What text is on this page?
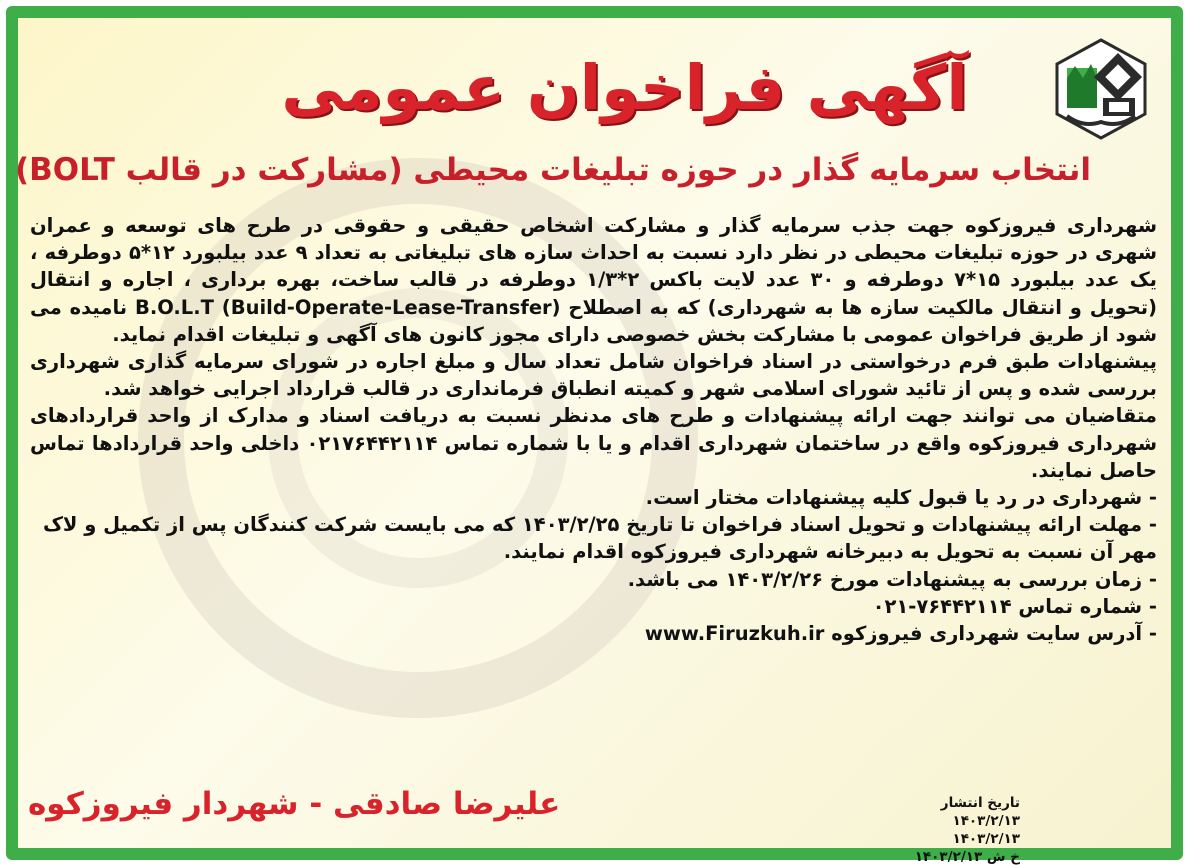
آگهی فراخوان عمومی
انتخاب سرمایه گذار در حوزه تبلیغات محیطی (مشارکت در قالب BOLT)

شهرداری فیروزکوه جهت جذب سرمایه گذار و مشارکت اشخاص حقیقی و حقوقی در طرح های توسعه و عمران شهری در حوزه تبلیغات محیطی در نظر دارد نسبت به احداث سازه های تبلیغاتی به تعداد ۹ عدد بیلبورد ۱۲*۵ دوطرفه ، یک عدد بیلبورد ۱۵*۷ دوطرفه و ۳۰ عدد لایت باکس ۲*۱/۳ دوطرفه در قالب ساخت، بهره برداری ، اجاره و انتقال (تحویل و انتقال مالکیت سازه ها به شهرداری) که به اصطلاح (Build-Operate-Lease-Transfer) B.O.L.T نامیده می شود از طریق فراخوان عمومی با مشارکت بخش خصوصی دارای مجوز کانون های آگهی و تبلیغات اقدام نماید.

پیشنهادات طبق فرم درخواستی در اسناد فراخوان شامل تعداد سال و مبلغ اجاره در شورای سرمایه گذاری شهرداری بررسی شده و پس از تائید شورای اسلامی شهر و کمیته انطباق فرمانداری در قالب قرارداد اجرایی خواهد شد.

متقاضیان می توانند جهت ارائه پیشنهادات و طرح های مدنظر نسبت به دریافت اسناد و مدارک از واحد قراردادهای شهرداری فیروزکوه واقع در ساختمان شهرداری اقدام و یا با شماره تماس ۰۲۱۷۶۴۴۲۱۱۴ داخلی واحد قراردادها تماس حاصل نمایند.

- شهرداری در رد یا قبول کلیه پیشنهادات مختار است.

- مهلت ارائه پیشنهادات و تحویل اسناد فراخوان تا تاریخ ۱۴۰۳/۲/۲۵ که می بایست شرکت کنندگان پس از تکمیل و لاک مهر آن نسبت به تحویل به دبیرخانه شهرداری فیروزکوه اقدام نمایند.

- زمان بررسی به پیشنهادات مورخ ۱۴۰۳/۲/۲۶ می باشد.

- شماره تماس ۷۶۴۴۲۱۱۴-۰۲۱

- آدرس سایت شهرداری فیروزکوه www.Firuzkuh.ir

تاریخ انتشار ۱۴۰۳/۲/۱۳
۱۴۰۳/۲/۱۳
خ ش ۱۴۰۳/۲/۱۳
علیرضا صادقی - شهردار فیروزکوه
